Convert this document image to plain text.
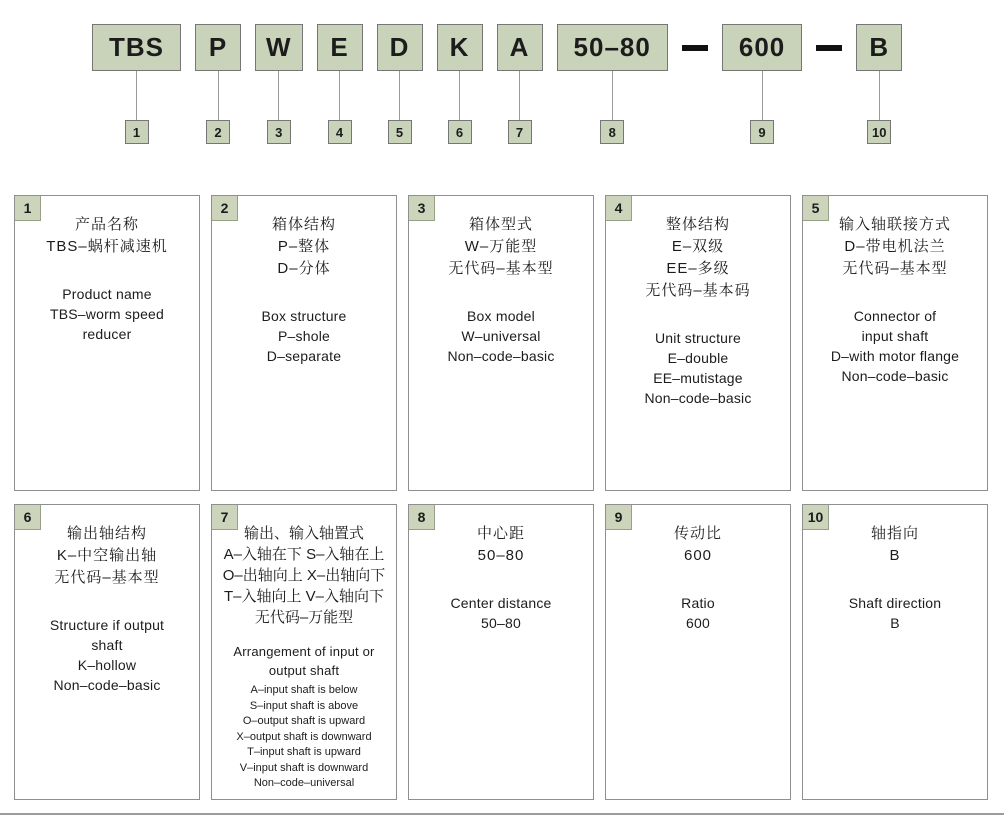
TBS
1
P
2
W
3
E
4
D
5
K
6
A
7
50–80
8
600
9
B
10
1
产品名称
TBS–蜗杆减速机
Product name
TBS–worm speed
reducer
2
箱体结构
P–整体
D–分体
Box structure
P–shole
D–separate
3
箱体型式
W–万能型
无代码–基本型
Box model
W–universal
Non–code–basic
4
整体结构
E–双级
EE–多级
无代码–基本码
Unit structure
E–double
EE–mutistage
Non–code–basic
5
输入轴联接方式
D–带电机法兰
无代码–基本型
Connector of
input shaft
D–with motor flange
Non–code–basic
6
输出轴结构
K–中空输出轴
无代码–基本型
Structure if output
shaft
K–hollow
Non–code–basic
7
输出、输入轴置式
A–入轴在下 S–入轴在上
O–出轴向上 X–出轴向下
T–入轴向上 V–入轴向下
无代码–万能型
Arrangement of input or
output shaft
A–input shaft is below
S–input shaft is above
O–output shaft is upward
X–output shaft is downward
T–input shaft is upward
V–input shaft is downward
Non–code–universal
8
中心距
50–80
Center distance
50–80
9
传动比
600
Ratio
600
10
轴指向
B
Shaft direction
B
